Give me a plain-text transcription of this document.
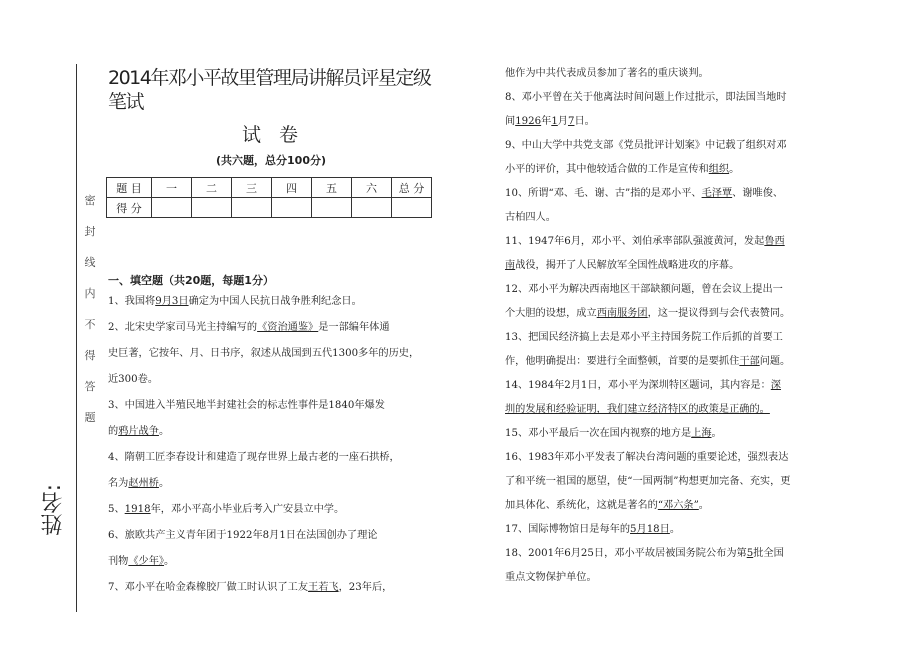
密
封
线
内
不
得
答
题
姓名:
2014年邓小平故里管理局讲解员评星定级笔试
试卷
(共六题，总分100分)
题 目	一	二	三	四	五	六	总 分
得 分							
一、填空题（共20题，每题1分）
1、我国将9月3日确定为中国人民抗日战争胜利纪念日。
2、北宋史学家司马光主持编写的《资治通鉴》是一部编年体通
史巨著，它按年、月、日书序，叙述从战国到五代1300多年的历史，
近300卷。
3、中国进入半殖民地半封建社会的标志性事件是1840年爆发
的鸦片战争。
4、隋朝工匠李春设计和建造了现存世界上最古老的一座石拱桥，
名为赵州桥。
5、1918年，邓小平高小毕业后考入广安县立中学。
6、旅欧共产主义青年团于1922年8月1日在法国创办了理论
刊物《少年》。
7、邓小平在哈金森橡胶厂做工时认识了工友王若飞，23年后，
他作为中共代表成员参加了著名的重庆谈判。
8、邓小平曾在关于他离法时间问题上作过批示，即法国当地时
间1926年1月7日。
9、中山大学中共党支部《党员批评计划案》中记载了组织对邓
小平的评价，其中他较适合做的工作是宣传和组织。
10、所谓“邓、毛、谢、古”指的是邓小平、毛泽覃、谢唯俊、
古柏四人。
11、1947年6月，邓小平、刘伯承率部队强渡黄河，发起鲁西
南战役，揭开了人民解放军全国性战略进攻的序幕。
12、邓小平为解决西南地区干部缺额问题，曾在会议上提出一
个大胆的设想，成立西南服务团，这一提议得到与会代表赞同。
13、把国民经济搞上去是邓小平主持国务院工作后抓的首要工
作，他明确提出：要进行全面整顿，首要的是要抓住干部问题。
14、1984年2月1日，邓小平为深圳特区题词，其内容是：深
圳的发展和经验证明，我们建立经济特区的政策是正确的。
15、邓小平最后一次在国内视察的地方是上海。
16、1983年邓小平发表了解决台湾问题的重要论述，强烈表达
了和平统一祖国的愿望，使“一国两制”构想更加完备、充实，更
加具体化、系统化，这就是著名的“邓六条”。
17、国际博物馆日是每年的5月18日。
18、2001年6月25日，邓小平故居被国务院公布为第5批全国
重点文物保护单位。
